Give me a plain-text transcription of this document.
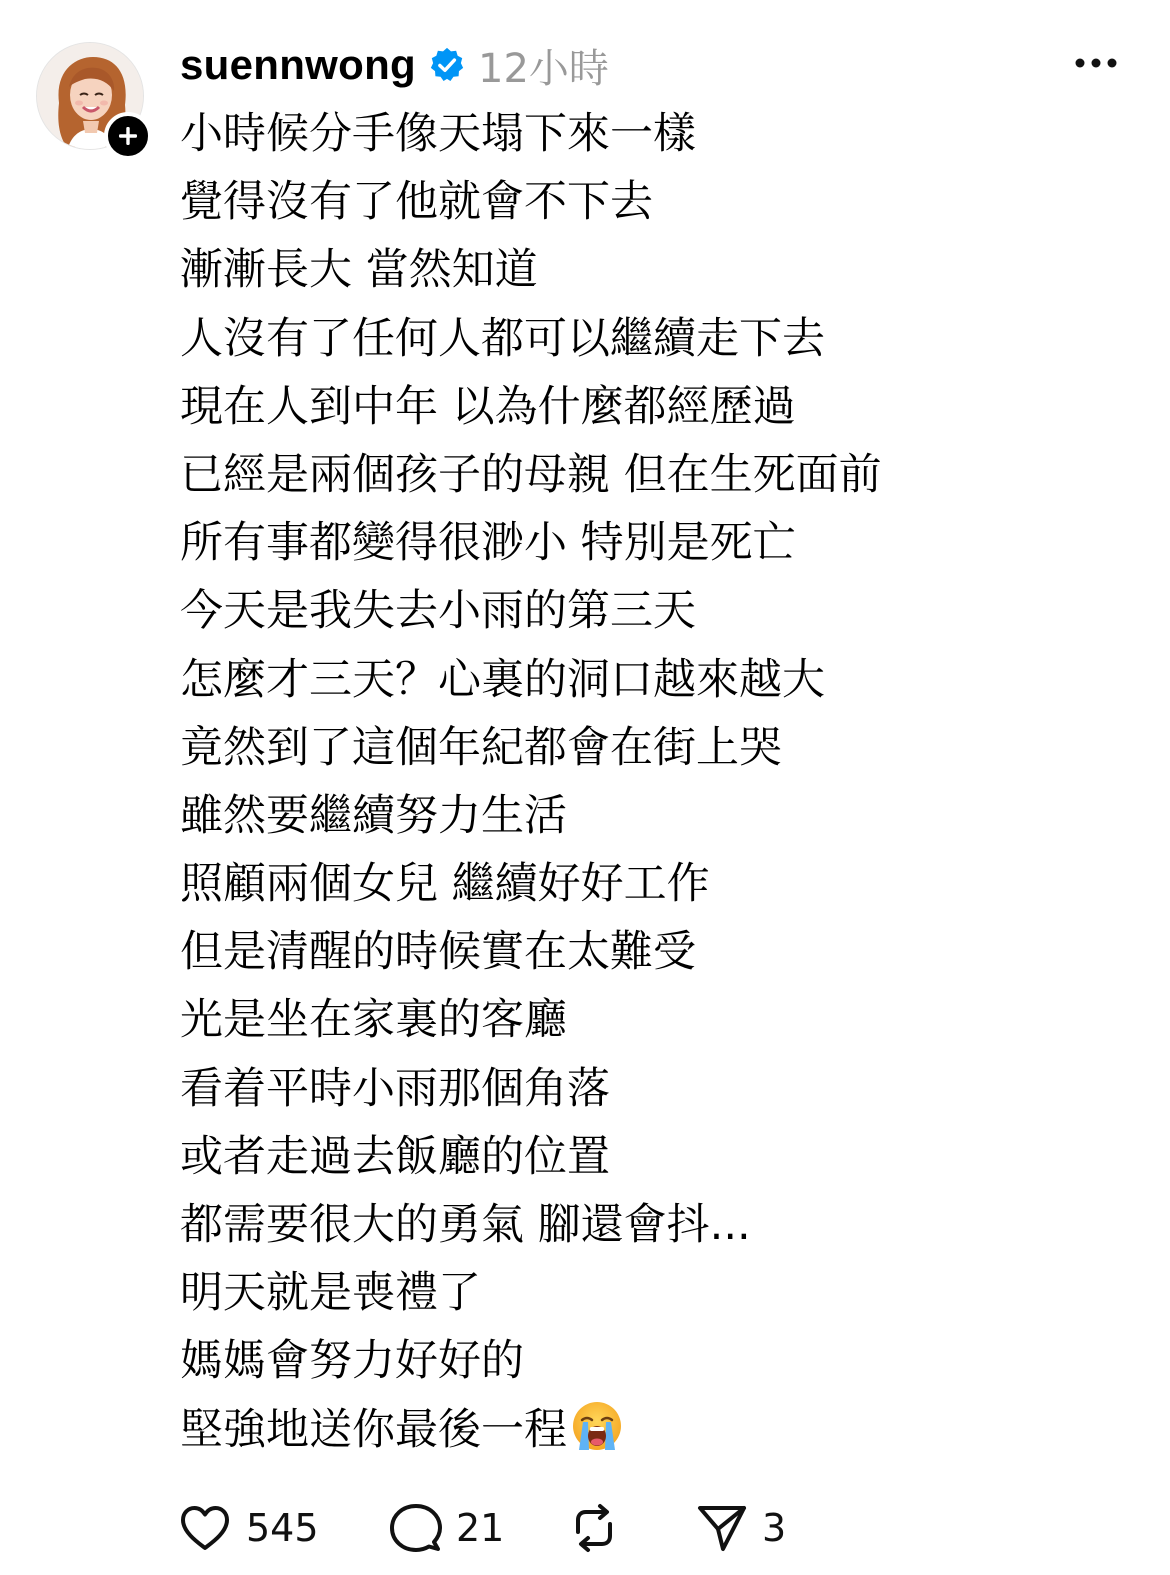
suennwong 12小時
小時候分手像天塌下來一樣
覺得沒有了他就會不下去
漸漸長大 當然知道
人沒有了任何人都可以繼續走下去
現在人到中年 以為什麼都經歷過
已經是兩個孩子的母親 但在生死面前
所有事都變得很渺小 特別是死亡
今天是我失去小雨的第三天
怎麼才三天？心裏的洞口越來越大
竟然到了這個年紀都會在街上哭
雖然要繼續努力生活
照顧兩個女兒 繼續好好工作
但是清醒的時候實在太難受
光是坐在家裏的客廳
看着平時小雨那個角落
或者走過去飯廳的位置
都需要很大的勇氣 腳還會抖...
明天就是喪禮了
媽媽會努力好好的
堅強地送你最後一程
545	21	3
